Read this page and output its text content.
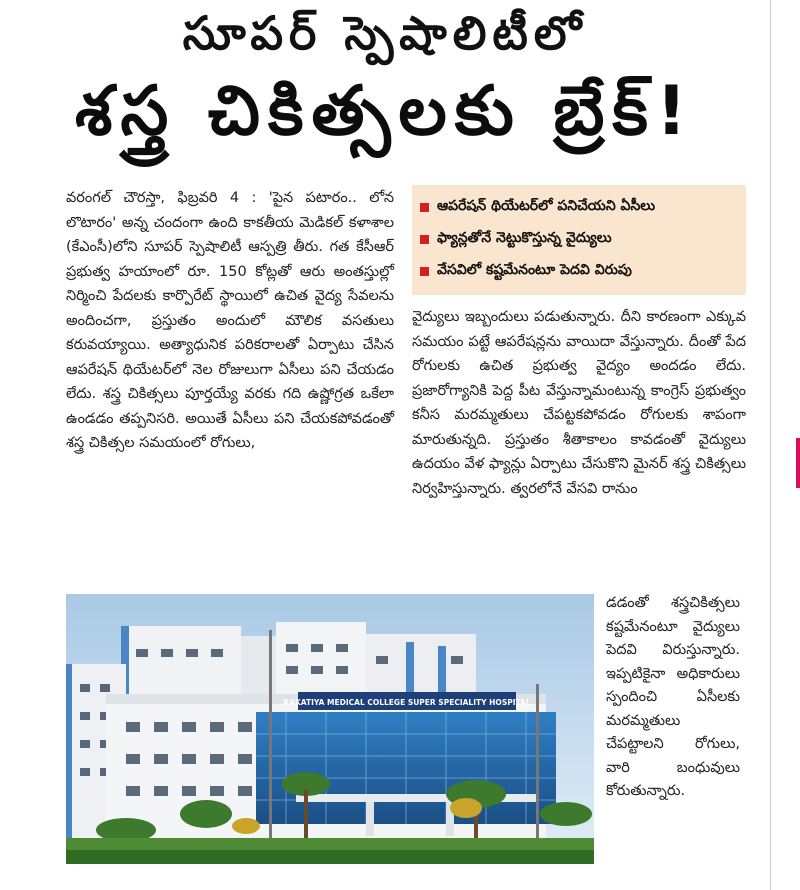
సూపర్ స్పెషాలిటీలో
శస్త్ర చికిత్సలకు బ్రేక్!

వరంగల్ చౌరస్తా, ఫిబ్రవరి 4 : 'పైన పటారం.. లోన లొటారం' అన్న చందంగా ఉంది కాకతీయ మెడికల్ కళాశాల (కేఎంసీ)లోని సూపర్ స్పెషాలిటీ ఆస్పత్రి తీరు. గత కేసీఆర్ ప్రభుత్వ హయాంలో రూ. 150 కోట్లతో ఆరు అంతస్తుల్లో నిర్మించి పేదలకు కార్పొరేట్ స్థాయిలో ఉచిత వైద్య సేవలను అందించగా, ప్రస్తుతం అందులో మౌలిక వసతులు కరువయ్యాయి. అత్యాధునిక పరికరాలతో ఏర్పాటు చేసిన ఆపరేషన్ థియేటర్‌లో నెల రోజులుగా ఏసీలు పని చేయడం లేదు. శస్త్ర చికిత్సలు పూర్తయ్యే వరకు గది ఉష్ణోగ్రత ఒకేలా ఉండడం తప్పనిసరి. అయితే ఏసీలు పని చేయకపోవడంతో శస్త్ర చికిత్సల సమయంలో రోగులు,

ఆపరేషన్ థియేటర్‌లో పనిచేయని ఏసీలు
ఫ్యాన్లతోనే నెట్టుకొస్తున్న వైద్యులు
వేసవిలో కష్టమేనంటూ పెదవి విరుపు

వైద్యులు ఇబ్బందులు పడుతున్నారు. దీని కారణంగా ఎక్కువ సమయం పట్టే ఆపరేషన్లను వాయిదా వేస్తున్నారు. దీంతో పేద రోగులకు ఉచిత ప్రభుత్వ వైద్యం అందడం లేదు. ప్రజారోగ్యానికి పెద్ద పీట వేస్తున్నామంటున్న కాంగ్రెస్ ప్రభుత్వం కనీస మరమ్మతులు చేపట్టకపోవడం రోగులకు శాపంగా మారుతున్నది. ప్రస్తుతం శీతాకాలం కావడంతో వైద్యులు ఉదయం వేళ ఫ్యాన్లు ఏర్పాటు చేసుకొని మైనర్ శస్త్ర చికిత్సలు నిర్వహిస్తున్నారు. త్వరలోనే వేసవి రానుం

డడంతో శస్త్రచికిత్సలు కష్టమేనంటూ వైద్యులు పెదవి విరుస్తున్నారు. ఇప్పటికైనా అధికారులు స్పందించి ఏసీలకు మరమ్మతులు చేపట్టాలని రోగులు, వారి బంధువులు కోరుతున్నారు.

KAKATIYA MEDICAL COLLEGE SUPER SPECIALITY HOSPITAL
